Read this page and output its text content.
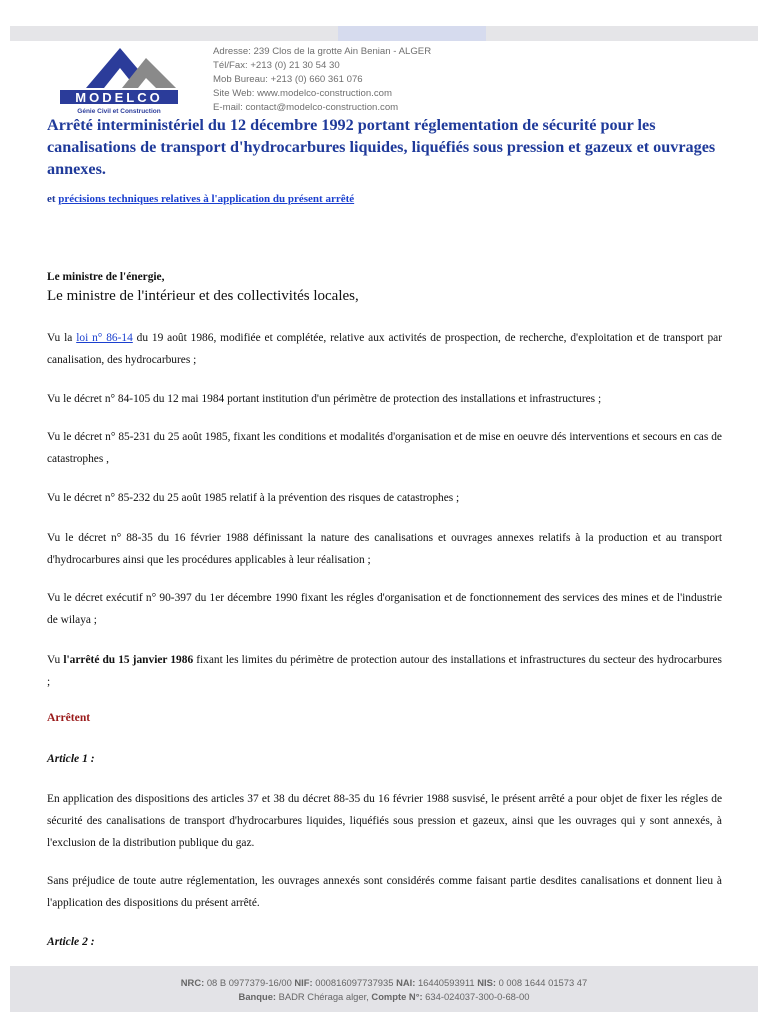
MODELCO
Génie Civil et Construction
Adresse: 239 Clos de la grotte Ain Benian - ALGER
Tél/Fax: +213 (0) 21 30 54 30
Mob Bureau: +213 (0) 660 361 076
Site Web: www.modelco-construction.com
E-mail: contact@modelco-construction.com
Arrêté interministériel du 12 décembre 1992 portant réglementation de sécurité pour les canalisations de transport d'hydrocarbures liquides, liquéfiés sous pression et gazeux et ouvrages annexes.
et précisions techniques relatives à l'application du présent arrêté
Le ministre de l'énergie,
Le ministre de l'intérieur et des collectivités locales,

Vu la loi n° 86-14 du 19 août 1986, modifiée et complétée, relative aux activités de prospection, de recherche, d'exploitation et de transport par canalisation, des hydrocarbures ;

Vu le décret n° 84-105 du 12 mai 1984 portant institution d'un périmètre de protection des installations et infrastructures ;

Vu le décret n° 85-231 du 25 août 1985, fixant les conditions et modalités d'organisation et de mise en oeuvre dés interventions et secours en cas de catastrophes ,

Vu le décret n° 85-232 du 25 août 1985 relatif à la prévention des risques de catastrophes ;

Vu le décret n° 88-35 du 16 février 1988 définissant la nature des canalisations et ouvrages annexes relatifs à la production et au transport d'hydrocarbures ainsi que les procédures applicables à leur réalisation ;

Vu le décret exécutif n° 90-397 du 1er décembre 1990 fixant les régles d'organisation et de fonctionnement des services des mines et de l'industrie de wilaya ;

Vu l'arrêté du 15 janvier 1986 fixant les limites du périmètre de protection autour des installations et infrastructures du secteur des hydrocarbures ;

Arrêtent
Article 1 :

En application des dispositions des articles 37 et 38 du décret 88-35 du 16 février 1988 susvisé, le présent arrêté a pour objet de fixer les régles de sécurité des canalisations de transport d'hydrocarbures liquides, liquéfiés sous pression et gazeux, ainsi que les ouvrages qui y sont annexés, à l'exclusion de la distribution publique du gaz.

Sans préjudice de toute autre réglementation, les ouvrages annexés sont considérés comme faisant partie desdites canalisations et donnent lieu à l'application des dispositions du présent arrêté.

Article 2 :
NRC: 08 B 0977379-16/00 NIF: 000816097737935 NAI: 16440593911 NIS: 0 008 1644 01573 47
Banque: BADR Chéraga alger, Compte N°: 634-024037-300-0-68-00
